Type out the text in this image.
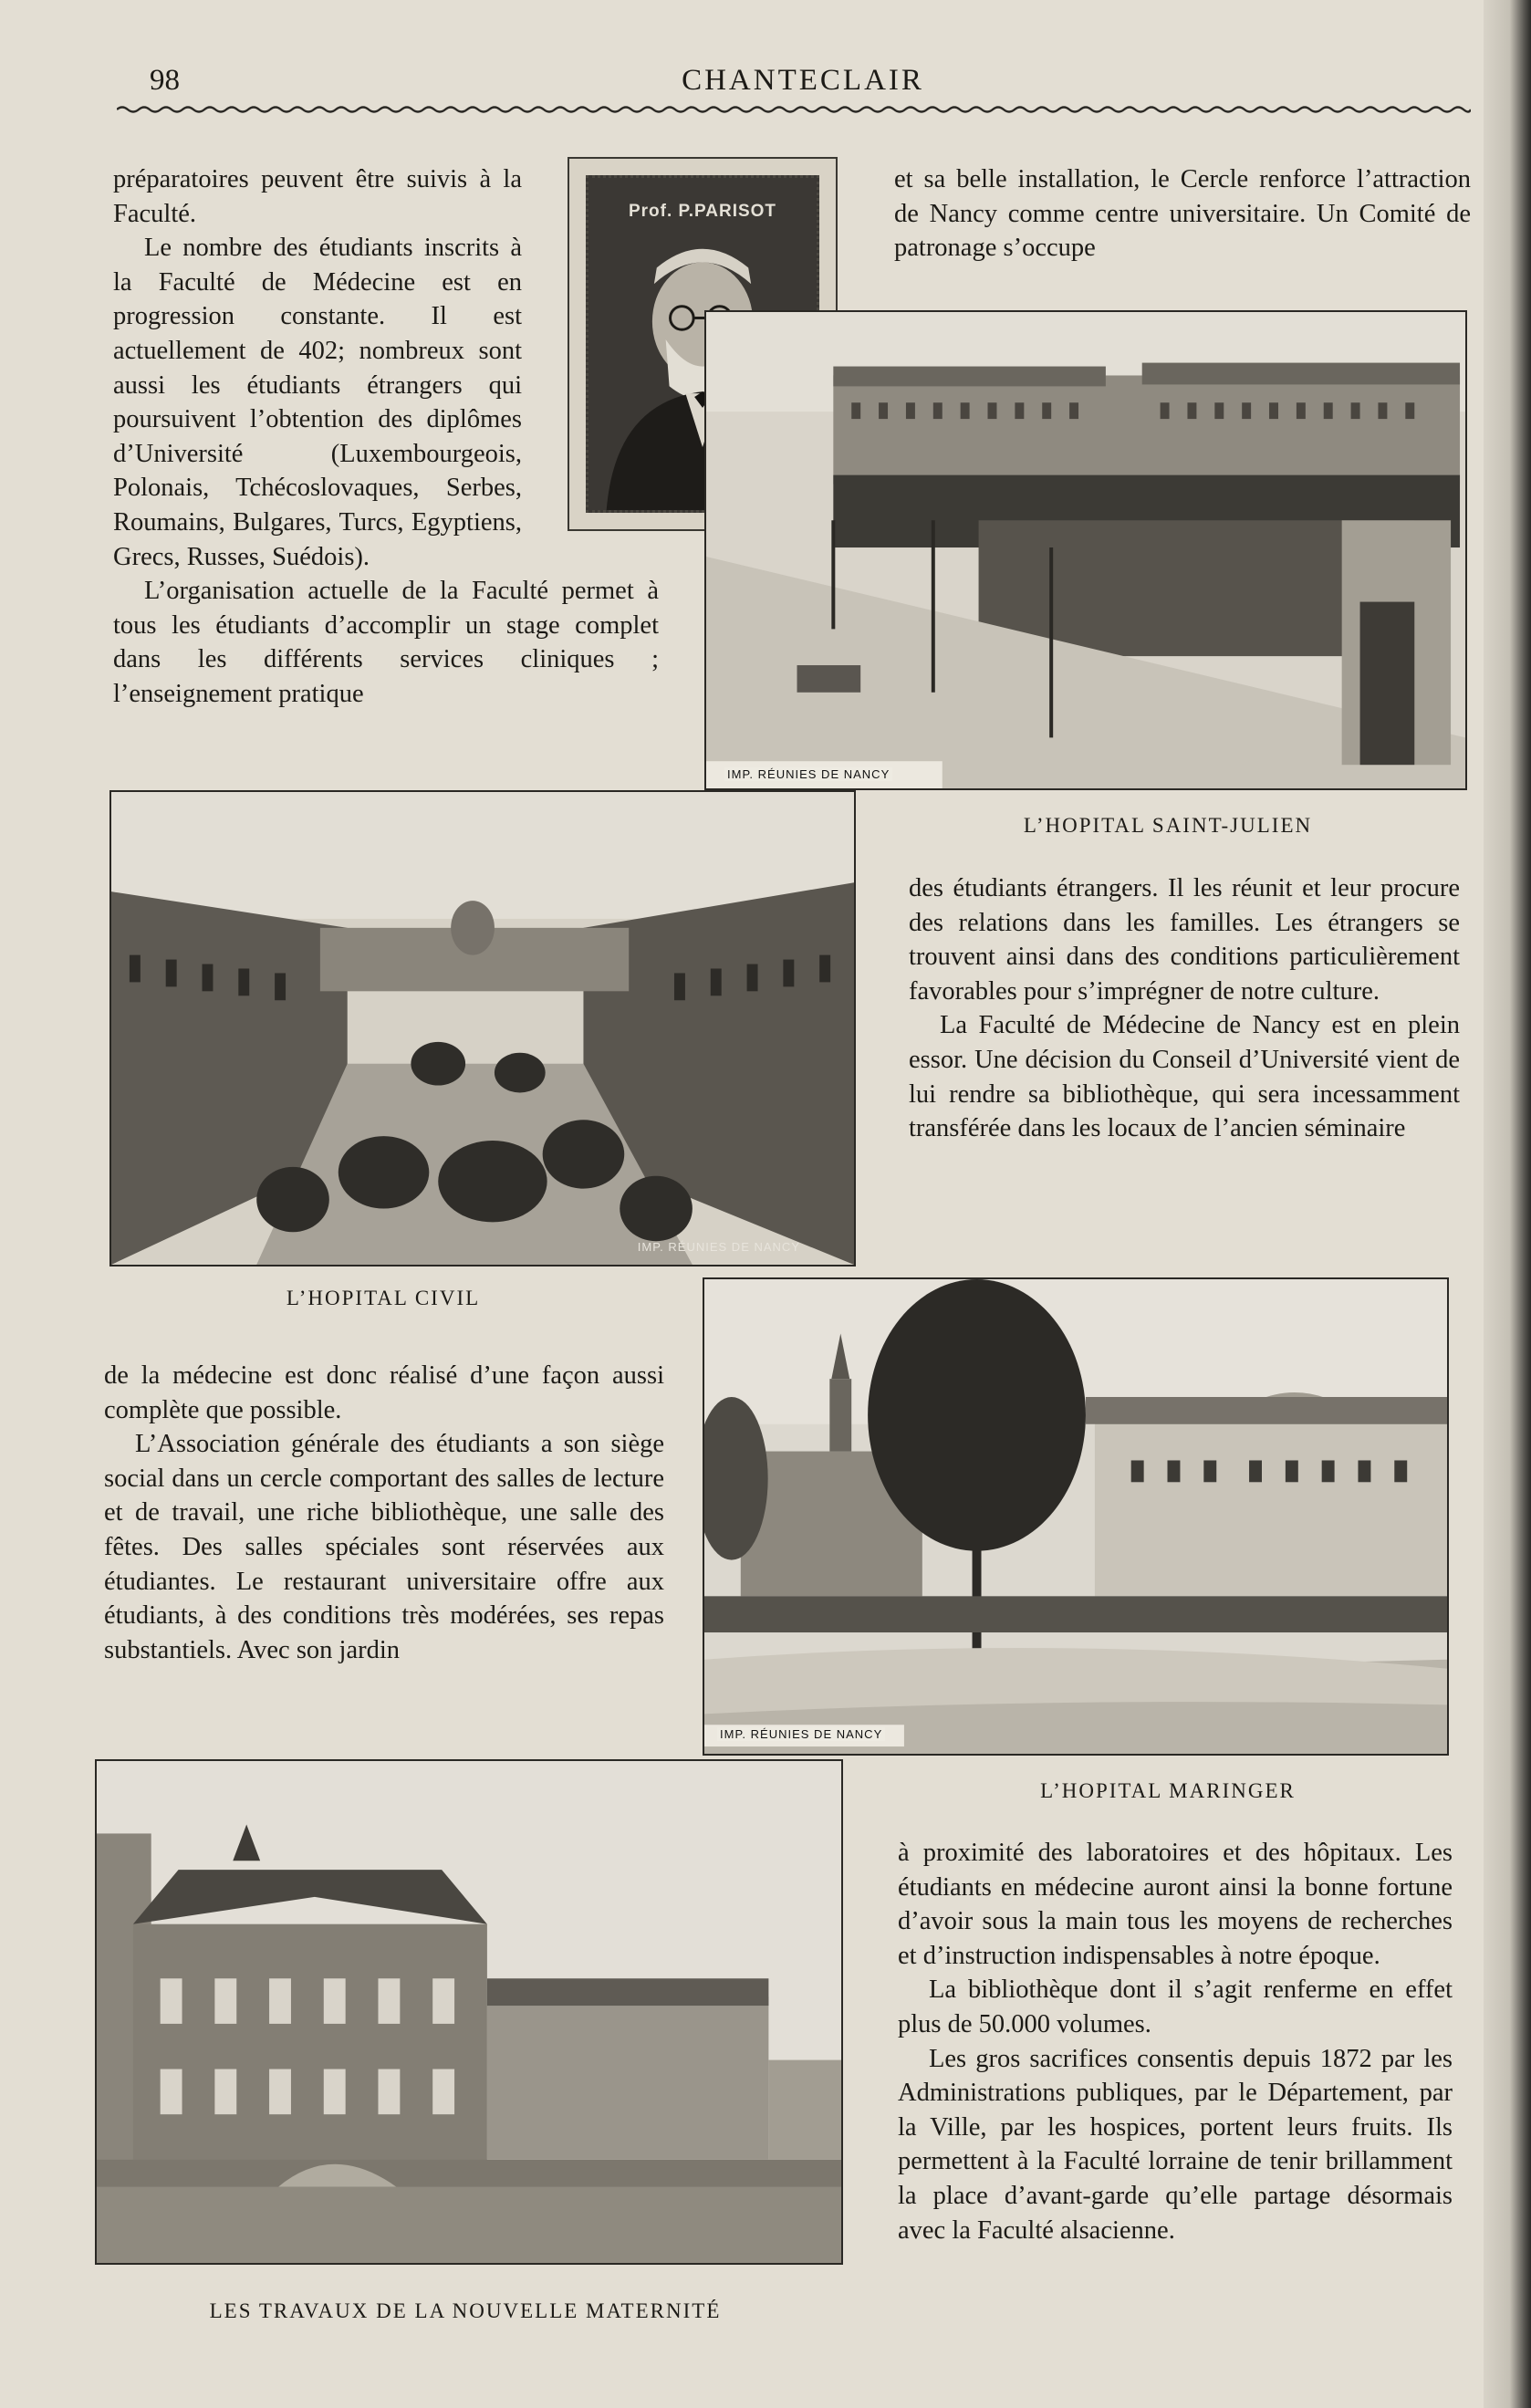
98	CHANTECLAIR

préparatoires peuvent être suivis à la Faculté.

Le nombre des étudiants inscrits à la Faculté de Médecine est en progression constante. Il est actuellement de 402; nombreux sont aussi les étudiants étrangers qui poursuivent l’obtention des diplômes d’Université (Luxembourgeois, Polonais, Tchécoslovaques, Serbes, Roumains, Bulgares, Turcs, Egyptiens, Grecs, Russes, Suédois).

L’organisation actuelle de la Faculté permet à tous les étudiants d’accomplir un stage complet dans les différents services cliniques ; l’enseignement pratique

Prof. P.PARISOT

et sa belle installation, le Cercle renforce l’attraction de Nancy comme centre universitaire. Un Comité de patronage s’occupe

IMP. RÉUNIES DE NANCY
L’HOPITAL SAINT-JULIEN
IMP. RÉUNIES DE NANCY
L’HOPITAL CIVIL

des étudiants étrangers. Il les réunit et leur procure des relations dans les familles. Les étrangers se trouvent ainsi dans des conditions particulièrement favorables pour s’imprégner de notre culture.

La Faculté de Médecine de Nancy est en plein essor. Une décision du Conseil d’Université vient de lui rendre sa bibliothèque, qui sera incessamment transférée dans les locaux de l’ancien séminaire

de la médecine est donc réalisé d’une façon aussi complète que possible.

L’Association générale des étudiants a son siège social dans un cercle comportant des salles de lecture et de travail, une riche bibliothèque, une salle des fêtes. Des salles spéciales sont réservées aux étudiantes. Le restaurant universitaire offre aux étudiants, à des conditions très modérées, ses repas substantiels. Avec son jardin

IMP. RÉUNIES DE NANCY
L’HOPITAL MARINGER
LES TRAVAUX DE LA NOUVELLE MATERNITÉ

à proximité des laboratoires et des hôpitaux. Les étudiants en médecine auront ainsi la bonne fortune d’avoir sous la main tous les moyens de recherches et d’instruction indispensables à notre époque.

La bibliothèque dont il s’agit renferme en effet plus de 50.000 volumes.

Les gros sacrifices consentis depuis 1872 par les Administrations publiques, par le Département, par la Ville, par les hospices, portent leurs fruits. Ils permettent à la Faculté lorraine de tenir brillamment la place d’avant-garde qu’elle partage désormais avec la Faculté alsacienne.
